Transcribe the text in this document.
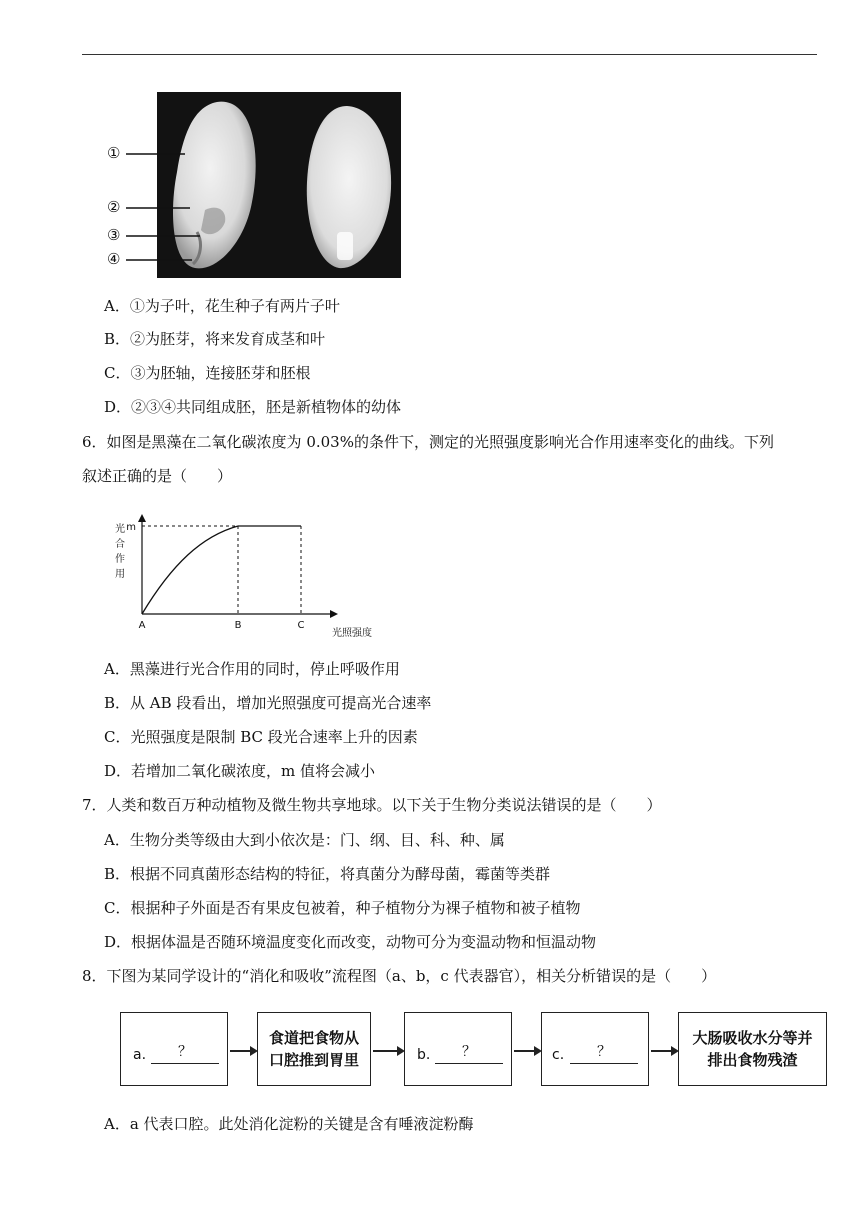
①
②
③
④
A．①为子叶，花生种子有两片子叶
B．②为胚芽，将来发育成茎和叶
C．③为胚轴，连接胚芽和胚根
D．②③④共同组成胚，胚是新植物体的幼体
6．如图是黑藻在二氧化碳浓度为 0.03%的条件下，测定的光照强度影响光合作用速率变化的曲线。下列
叙述正确的是（　　）
光
合
作
用
m
A	B	C
光照强度
A．黑藻进行光合作用的同时，停止呼吸作用
B．从 AB 段看出，增加光照强度可提高光合速率
C．光照强度是限制 BC 段光合速率上升的因素
D．若增加二氧化碳浓度，m 值将会减小
7．人类和数百万种动植物及微生物共享地球。以下关于生物分类说法错误的是（　　）
A．生物分类等级由大到小依次是：门、纲、目、科、种、属
B．根据不同真菌形态结构的特征，将真菌分为酵母菌，霉菌等类群
C．根据种子外面是否有果皮包被着，种子植物分为裸子植物和被子植物
D．根据体温是否随环境温度变化而改变，动物可分为变温动物和恒温动物
8．下图为某同学设计的“消化和吸收”流程图（a、b，c 代表器官），相关分析错误的是（　　）
a.	？
食道把食物从
口腔推到胃里	b.	？	c.	？
大肠吸收水分等并
排出食物残渣
A．a 代表口腔。此处消化淀粉的关键是含有唾液淀粉酶
